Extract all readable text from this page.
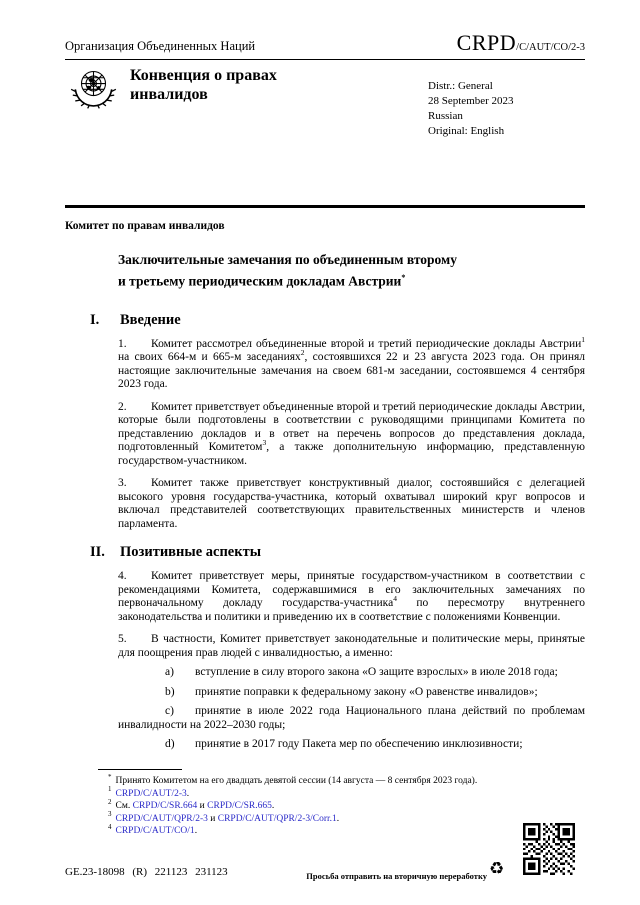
Организация Объединенных Наций	CRPD/C/AUT/CO/2-3
Конвенция о правах
инвалидов	Distr.: General
28 September 2023
Russian
Original: English
Комитет по правам инвалидов
Заключительные замечания по объединенным второму
и третьему периодическим докладам Австрии*
I. Введение
1. Комитет рассмотрел объединенные второй и третий периодические доклады Австрии$^1$ на своих 664-м и 665-м заседаниях$^2$, состоявшихся 22 и 23 августа 2023 года. Он принял настоящие заключительные замечания на своем 681-м заседании, состоявшемся 4 сентября 2023 года.
2. Комитет приветствует объединенные второй и третий периодические доклады Австрии, которые были подготовлены в соответствии с руководящими принципами Комитета по представлению докладов и в ответ на перечень вопросов до представления доклада, подготовленный Комитетом$^3$, а также дополнительную информацию, представленную государством-участником.
3. Комитет также приветствует конструктивный диалог, состоявшийся с делегацией высокого уровня государства-участника, который охватывал широкий круг вопросов и включал представителей соответствующих правительственных министерств и членов парламента.
II. Позитивные аспекты
4. Комитет приветствует меры, принятые государством-участником в соответствии с рекомендациями Комитета, содержавшимися в его заключительных замечаниях по первоначальному докладу государства-участника$^4$ по пересмотру внутреннего законодательства и политики и приведению их в соответствие с положениями Конвенции.
5. В частности, Комитет приветствует законодательные и политические меры, принятые для поощрения прав людей с инвалидностью, а именно:
a) вступление в силу второго закона «О защите взрослых» в июле 2018 года;
b) принятие поправки к федеральному закону «О равенстве инвалидов»;
c) принятие в июле 2022 года Национального плана действий по проблемам инвалидности на 2022–2030 годы;
d) принятие в 2017 году Пакета мер по обеспечению инклюзивности;
* Принято Комитетом на его двадцать девятой сессии (14 августа — 8 сентября 2023 года).
$^1$ CRPD/C/AUT/2-3.
$^2$ См. CRPD/C/SR.664 и CRPD/C/SR.665.
$^3$ CRPD/C/AUT/QPR/2-3 и CRPD/C/AUT/QPR/2-3/Corr.1.
$^4$ CRPD/C/AUT/CO/1.
GE.23-18098 (R) 221123 231123	Просьба отправить на вторичную переработку ♻
